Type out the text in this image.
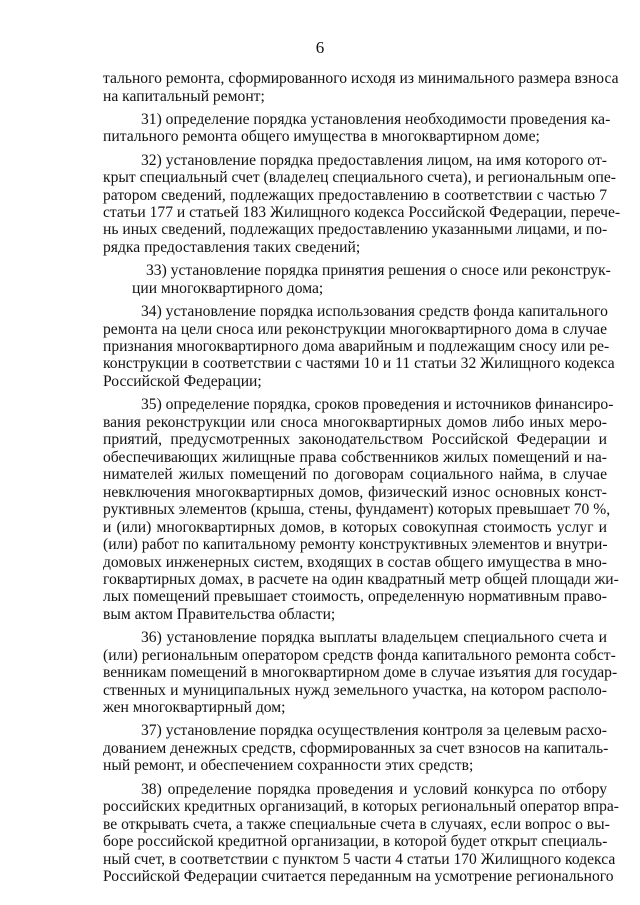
6
тального ремонта, сформированного исходя из минимального размера взноса
на капитальный ремонт;
31) определение порядка установления необходимости проведения ка-
питального ремонта общего имущества в многоквартирном доме;
32) установление порядка предоставления лицом, на имя которого от-
крыт специальный счет (владелец специального счета), и региональным опе-
ратором сведений, подлежащих предоставлению в соответствии с частью 7
статьи 177 и статьей 183 Жилищного кодекса Российской Федерации, перече-
нь иных сведений, подлежащих предоставлению указанными лицами, и по-
рядка предоставления таких сведений;
33) установление порядка принятия решения о сносе или реконструк-
ции многоквартирного дома;
34) установление порядка использования средств фонда капитального
ремонта на цели сноса или реконструкции многоквартирного дома в случае
признания многоквартирного дома аварийным и подлежащим сносу или ре-
конструкции в соответствии с частями 10 и 11 статьи 32 Жилищного кодекса
Российской Федерации;
35) определение порядка, сроков проведения и источников финансиро-
вания реконструкции или сноса многоквартирных домов либо иных меро-
приятий, предусмотренных законодательством Российской Федерации и
обеспечивающих жилищные права собственников жилых помещений и на-
нимателей жилых помещений по договорам социального найма, в случае
невключения многоквартирных домов, физический износ основных конст-
руктивных элементов (крыша, стены, фундамент) которых превышает 70 %,
и (или) многоквартирных домов, в которых совокупная стоимость услуг и
(или) работ по капитальному ремонту конструктивных элементов и внутри-
домовых инженерных систем, входящих в состав общего имущества в мно-
гоквартирных домах, в расчете на один квадратный метр общей площади жи-
лых помещений превышает стоимость, определенную нормативным право-
вым актом Правительства области;
36) установление порядка выплаты владельцем специального счета и
(или) региональным оператором средств фонда капитального ремонта собст-
венникам помещений в многоквартирном доме в случае изъятия для государ-
ственных и муниципальных нужд земельного участка, на котором располо-
жен многоквартирный дом;
37) установление порядка осуществления контроля за целевым расхо-
дованием денежных средств, сформированных за счет взносов на капиталь-
ный ремонт, и обеспечением сохранности этих средств;
38) определение порядка проведения и условий конкурса по отбору
российских кредитных организаций, в которых региональный оператор впра-
ве открывать счета, а также специальные счета в случаях, если вопрос о вы-
боре российской кредитной организации, в которой будет открыт специаль-
ный счет, в соответствии с пунктом 5 части 4 статьи 170 Жилищного кодекса
Российской Федерации считается переданным на усмотрение регионального
